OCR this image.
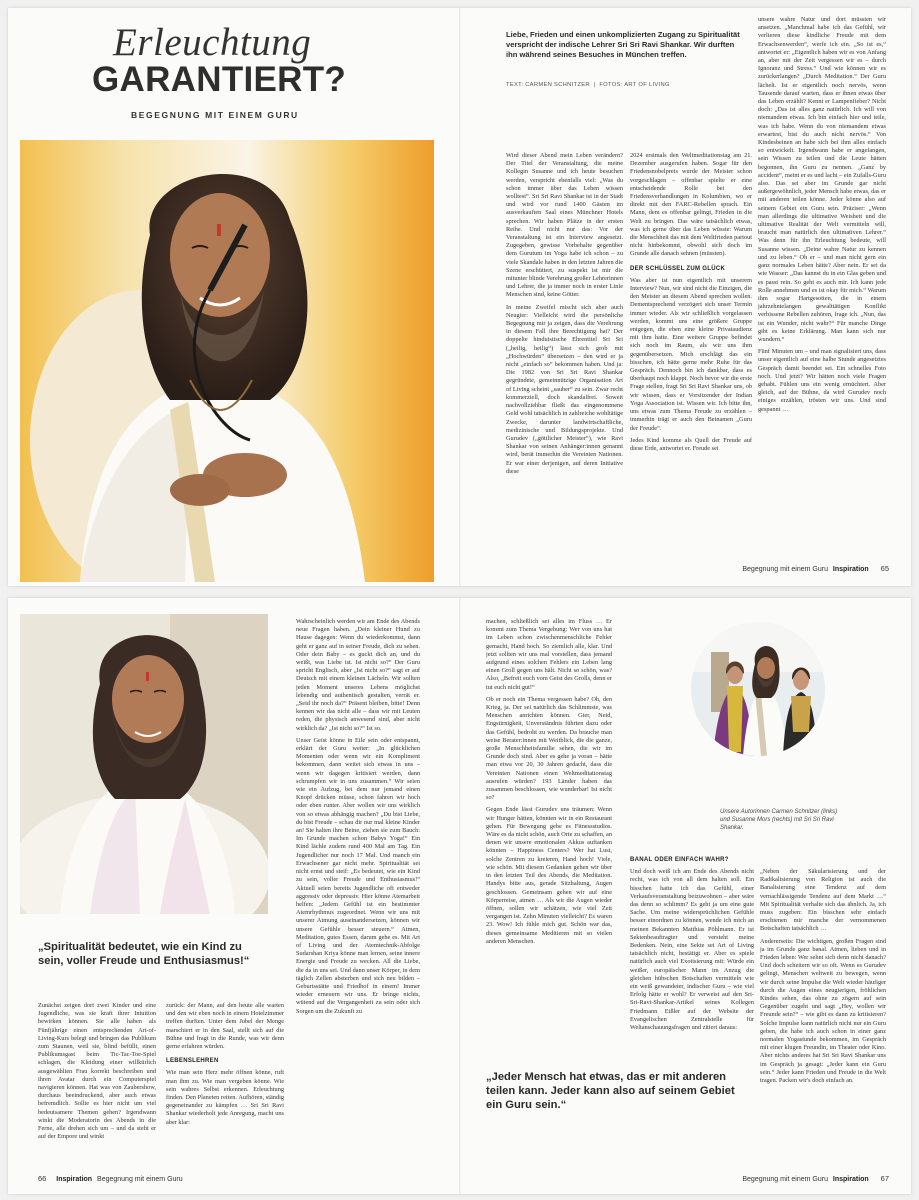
Erleuchtung
GARANTIERT?
BEGEGNUNG MIT EINEM GURU
Liebe, Frieden und einen unkomplizierten Zugang zu Spiritualität verspricht der indische Lehrer Sri Sri Ravi Shankar. Wir durften ihn während seines Besuches in München treffen.
TEXT: CARMEN SCHNITZER  |  FOTOS: ART OF LIVING

Wird dieser Abend mein Leben verändern? Der Titel der Veranstaltung, die meine Kollegin Susanne und ich heute besuchen werden, verspricht ebenfalls viel: „Was du schon immer über das Leben wissen wolltest“. Sri Sri Ravi Shankar ist in der Stadt und wird vor rund 1400 Gästen im ausverkauften Saal eines Münchner Hotels sprechen. Wir haben Plätze in der ersten Reihe. Und nicht nur das: Vor der Veranstaltung ist ein Interview angesetzt. Zugegeben, gewisse Vorbehalte gegenüber dem Gurutum im Yoga habe ich schon – zu viele Skandale haben in den letzten Jahren die Szene erschüttert, zu suspekt ist mir die mitunter blinde Verehrung großer Lehrerinnen und Lehrer, die ja immer noch in erster Linie Menschen sind, keine Götter.

In meine Zweifel mischt sich aber auch Neugier: Vielleicht wird die persönliche Begegnung mir ja zeigen, dass die Verehrung in diesem Fall ihre Berechtigung hat? Der doppelte hinduistische Ehrentitel Sri Sri („heilig, heilig“) lässt sich grob mit „Hochwürden“ übersetzen – den wird er ja nicht „einfach so“ bekommen haben. Und ja: Die 1982 von Sri Sri Ravi Shankar gegründete, gemeinnützige Organisation Art of Living scheint „sauber“ zu sein. Zwar recht kommerziell, doch skandalfrei. Soweit nachvollziehbar fließt das eingenommene Geld wohl tatsächlich in zahlreiche wohltätige Zwecke, darunter landwirtschaftliche, medizinische und Bildungsprojekte. Und Gurudev („göttlicher Meister“), wie Ravi Shankar von seinen Anhänger:innen genannt wird, berät immerhin die Vereinten Nationen. Er war einer derjenigen, auf deren Initiative diese

2024 erstmals den Weltmeditationstag am 21. Dezember ausgerufen haben. Sogar für den Friedensnobelpreis wurde der Meister schon vorgeschlagen – offenbar spielte er eine entscheidende Rolle bei den Friedensverhandlungen in Kolumbien, wo er direkt mit den FARC-Rebellen sprach. Ein Mann, dem es offenbar gelingt, Frieden in die Welt zu bringen. Das wäre tatsächlich etwas, was ich gerne über das Leben wüsste: Warum die Menschheit das mit dem Weltfrieden partout nicht hinbekommt, obwohl sich doch im Grunde alle danach sehnen (müssten).

DER SCHLÜSSEL ZUM GLÜCK

Was aber ist nun eigentlich mit unserem Interview? Nun, wir sind nicht die Einzigen, die den Meister an diesem Abend sprechen wollen. Dementsprechend verzögert sich unser Termin immer wieder. Als wir schließlich vorgelassen werden, kommt uns eine größere Gruppe entgegen, die eben eine kleine Privataudienz mit ihm hatte. Eine weitere Gruppe befindet sich noch im Raum, als wir uns ihm gegenübersetzen. Mich erschlägt das ein bisschen, ich hätte gerne mehr Ruhe für das Gespräch. Dennoch bin ich dankbar, dass es überhaupt noch klappt. Noch bevor wir die erste Frage stellen, fragt Sri Sri Ravi Shankar uns, ob wir wissen, dass er Vorsitzender der Indian Yoga Association ist. Wissen wir. Ich bitte ihn, uns etwas zum Thema Freude zu erzählen – immerhin trägt er auch den Beinamen „Guru der Freude“.

Jedes Kind komme als Quell der Freude auf diese Erde, antwortet er. Freude sei

unsere wahre Natur und dort müssten wir ansetzen. „Manchmal habe ich das Gefühl, wir verlieren diese kindliche Freude mit dem Erwachsenwerden“, werfe ich ein. „So ist es,“ antwortet er: „Eigentlich haben wir es von Anfang an, aber mit der Zeit vergessen wir es – durch Ignoranz und Stress.“ Und wie können wir es zurückerlangen? „Durch Meditation.“ Der Guru lächelt. Ist er eigentlich noch nervös, wenn Tausende darauf warten, dass er ihnen etwas über das Leben erzählt? Kennt er Lampenfieber? Nicht doch: „Das ist alles ganz natürlich. Ich will von niemandem etwas. Ich bin einfach hier und teile, was ich habe. Wenn du von niemandem etwas erwartest, bist du auch nicht nervös.“ Von Kindesbeinen an habe sich bei ihm alles einfach so entwickelt. Irgendwann habe er angefangen, sein Wissen zu teilen und die Leute hätten begonnen, ihn Guru zu nennen. „Ganz by accident“, meint er es und lacht – ein Zufalls-Guru also. Das sei aber im Grunde gar nicht außergewöhnlich, jeder Mensch habe etwas, das er mit anderen teilen könne. Jeder könne also auf seinem Gebiet ein Guru sein. Präziser: „Wenn man allerdings die ultimative Weisheit und die ultimative Realität der Welt vermitteln will, braucht man natürlich den ultimativen Lehrer.“ Was denn für ihn Erleuchtung bedeute, will Susanne wissen. „Deine wahre Natur zu kennen und zu leben.“ Oh er – und man nicht gern ein ganz normales Leben hätte? Aber nein. Er sei da wie Wasser: „Das kannst du in ein Glas geben und es passt rein. So geht es auch mir. Ich kann jede Rolle annehmen und es ist okay für mich.“ Warum ihm sogar Hartgesotten, die in einem jahrzehntelangen gewalttätigen Konflikt verbissene Rebellen zuhören, frage ich. „Nun, das ist ein Wunder, nicht wahr?“ Für manche Dinge gibt es keine Erklärung. Man kann sich nur wundern.“

Fünf Minuten um – und man signalisiert uns, dass unser eigentlich auf eine halbe Stunde angesetztes Gespräch damit beendet sei. Ein schnelles Foto noch. Und jetzt? Wir hätten noch viele Fragen gehabt. Fühlen uns ein wenig ernüchtert. Aber gleich, auf der Bühne, da wird Gurudev noch einiges erzählen, trösten wir uns. Und sind gespannt …

Begegnung mit einem Guru Inspiration 65
„Spiritualität bedeutet, wie ein Kind zu sein, voller Freude und Enthusiasmus!“

Zunächst zeigen dort zwei Kinder und eine Jugendliche, was sie kraft ihrer Intuition bewirken können. Sie alle haben als Fünfjährige einen entsprechenden Art-of-Living-Kurs belegt und bringen das Publikum zum Staunen, weil sie, blind befüllt, einen Publikumsgast beim Tic-Tac-Toe-Spiel schlagen, die Kleidung einer willkürlich ausgewählten Frau korrekt beschreiben und ihren Avatar durch ein Computerspiel navigieren können. Hat was von Zaubershow, durchaus beeindruckend, aber auch etwas befremdlich. Sollte es hier nicht um viel bedeutsamere Themen gehen? Irgendwann winkt die Moderatorin des Abends in die Ferne, alle drehen sich um – und da steht er auf der Empore und winkt

zurück: der Mann, auf den heute alle warten und den wir eben noch in einem Hotelzimmer treffen durften. Unter dem Jubel der Menge marschiert er in den Saal, stellt sich auf die Bühne und fragt in die Runde, was wir denn gerne erfahren würden.

LEBENSLEHREN

Wie man sein Herz mehr öffnen könne, ruft man ihm zu. Wie man vergeben könne. Wie sein wahres Selbst erkennen. Erleuchtung finden. Den Planeten retten. Aufhören, ständig gegeneinander zu kämpfen … Sri Sri Ravi Shankar wiederholt jede Anregung, macht uns aber klar:

Wahrscheinlich werden wir am Ende des Abends neue Fragen haben. „Dein kleiner Hund zu Hause dagegen: Wenn du wiederkommst, dann geht er ganz auf in seiner Freude, dich zu sehen. Oder dein Baby – es guckt dich an, und du weißt, was Liebe ist. Ist nicht so?“ Der Guru spricht Englisch, aber „Ist nicht so?“ sagt er auf Deutsch mit einem kleinen Lächeln. Wir sollten jeden Moment unseres Lebens möglichst lebendig und authentisch gestalten, verrät er. „Seid ihr noch da?“ Präsent bleiben, bitte! Denn kennen wir das nicht alle – dass wir mit Leuten reden, die physisch anwesend sind, aber nicht wirklich da? „Ist nicht so?“ Ist so.

Unser Geist könne in Eile sein oder entspannt, erklärt der Guru weiter: „In glücklichen Momenten oder wenn wir ein Kompliment bekommen, dann weitet sich etwas in uns – wenn wir dagegen kritisiert werden, dann schrumpfen wir in uns zusammen.“ Wir seien wie ein Aufzug, bei dem nur jemand einen Knopf drücken müsse, schon fahren wir hoch oder eben runter. Aber wollen wir uns wirklich von so etwas abhängig machen? „Du bist Liebe, du bist Freude – schau dir nur mal kleine Kinder an! Sie halten ihre Beine, ziehen sie zum Bauch: Im Grunde machen schon Babys Yoga!“ Ein Kind lächle zudem rund 400 Mal am Tag. Ein Jugendlicher nur noch 17 Mal. Und manch ein Erwachsener gar nicht mehr. Spiritualität sei nicht ernst und steif: „Es bedeutet, wie ein Kind zu sein, voller Freude und Enthusiasmus!“ Aktuell seien bereits Jugendliche oft entweder aggressiv oder depressiv. Hier könne Atemarbeit helfen: „Jedem Gefühl ist ein bestimmter Atemrhythmus zugeordnet. Wenn wir uns mit unserer Atmung auseinandersetzen, können wir unsere Gefühle besser steuern.“ Atmen, Meditation, gutes Essen, darum gehe es. Mit Art of Living und der Atemtechnik-Abfolge Sudarshan Kriya könne man lernen, seine innere Energie und Freude zu wecken. All die Liebe, die da in uns sei. Und dann unser Körper, in dem täglich Zellen absterben und sich neu bilden – Geburtsstätte und Friedhof in einem! Immer wieder erneuern wir uns. Er bringe nichts, wütend auf die Vergangenheit zu sein oder sich Sorgen um die Zukunft zu

66 Inspiration Begegnung mit einem Guru

machen, schließlich sei alles im Fluss … Er kommt zum Thema Vergebung: Wer von uns hat im Leben schon zwischenmenschliche Fehler gemacht, Hand hoch. So ziemlich alle, klar. Und jetzt sollten wir uns mal vorstellen, dass jemand aufgrund eines solchen Fehlers ein Leben lang einen Groll gegen uns hält. Nicht so schön, was? Also, „Befreit euch vom Geist des Grolls, denn er tut euch nicht gut!“

Ob er noch ein Thema vergessen habe? Oh, den Krieg, ja. Der sei natürlich das Schlimmste, was Menschen anrichten können. Gier, Neid, Engstirnigkeit, Unverständnis führten dazu oder das Gefühl, bedroht zu werden. Da brauche man weise Berater:innen mit Weitblick, die die ganze, große Menschheitsfamilie sehen, die wir im Grunde doch sind. Aber es gehe ja voran – hätte man etwa vor 20, 30 Jahren gedacht, dass die Vereinten Nationen einen Weltmeditationstag ausrufen würden? 193 Länder haben das zusammen beschlossen, wie wunderbar! Ist nicht so?

Gegen Ende lässt Gurudev uns träumen: Wenn wir Hunger hätten, könnten wir in ein Restaurant gehen. Für Bewegung gebe es Fitnessstudios. Wäre es da nicht schön, auch Orte zu schaffen, an denen wir unsere emotionalen Akkus auftanken könnten – Happiness Centers? Wer hat Lust, solche Zentren zu kreieren, Hand hoch! Viele, wie schön. Mit diesem Gedanken gehen wir über in den letzten Teil des Abends, die Meditation. Handys bitte aus, gerade Sitzhaltung, Augen geschlossen. Gemeinsam gehen wir auf eine Körperreise, atmen … Als wir die Augen wieder öffnen, sollen wir schätzen, wie viel Zeit vergangen ist. Zehn Minuten vielleicht? Es waren 23. Wow! Ich fühle mich gut. Schön war das, dieses gemeinsame Meditieren mit so vielen anderen Menschen.

„Jeder Mensch hat etwas, das er mit anderen teilen kann. Jeder kann also auf seinem Gebiet ein Guru sein.“
Unsere Autorinnen Carmen Schnitzer (links) und Susanne Mors (rechts) mit Sri Sri Ravi Shankar.
BANAL ODER EINFACH WAHR?

Und doch weiß ich am Ende des Abends nicht recht, was ich von all dem halten soll. Ein bisschen hatte ich das Gefühl, einer Verkaufsveranstaltung beizuwohnen – aber wäre das denn so schlimm? Es geht ja um eine gute Sache. Um meine widersprüchlichen Gefühle besser einordnen zu können, wende ich mich an meinen Bekannten Matthias Pöhlmann. Er ist Sektenbeauftragter und versteht meine Bedenken. Nein, eine Sekte sei Art of Living tatsächlich nicht, bestätigt er. Aber es spiele natürlich auch viel Exotisierung mit: Würde ein weißer, europäischer Mann im Anzug die gleichen hübschen Botschaften vermitteln wie ein weiß gewandeter, indischer Guru – wie viel Erfolg hätte er wohl? Er verweist auf den Sri-Sri-Ravi-Shankar-Artikel seines Kollegen Friedmann Eißler auf der Website der Evangelischen Zentralstelle für Weltanschauungsfragen und zitiert daraus:

„Neben der Säkularisierung und der Radikalisierung von Religion ist auch die Banalisierung eine Tendenz auf dem vernachlässigende Tendenz auf dem Markt …“ Mit Spiritualität verhalte sich das ähnlich. Ja, ich muss zugeben: Ein bisschen sehr einfach erschienen mir manche der vernommenen Botschaften tatsächlich …

Andererseits: Die wichtigen, großen Fragen sind ja im Grunde ganz banal. Atmen, lieben und in Frieden leben: Wer sehnt sich denn nicht danach? Und doch scheitern wir so oft. Wenn es Gurudev gelingt, Menschen weltweit zu bewegen, wenn wir durch seine Impulse die Welt wieder häufiger durch die Augen eines neugierigen, fröhlichen Kindes sehen, das ohne zu zögern auf sein Gegenüber zugeht und sagt „Hey, wollen wir Freunde sein?“ – wie gibt es dann zu kritisieren? Solche Impulse kann natürlich nicht nur ein Guru geben, die habe ich auch schon in einer ganz normalen Yogastunde bekommen, im Gespräch mit einer klugen Freundin, im Theater oder Kino. Aber nichts anderes hat Sri Sri Ravi Shankar uns im Gespräch ja gesagt: „Jeder kann ein Guru sein.“ Jeder kann Frieden und Freude in die Welt tragen. Packen wir's doch einfach an.

Begegnung mit einem Guru Inspiration 67
